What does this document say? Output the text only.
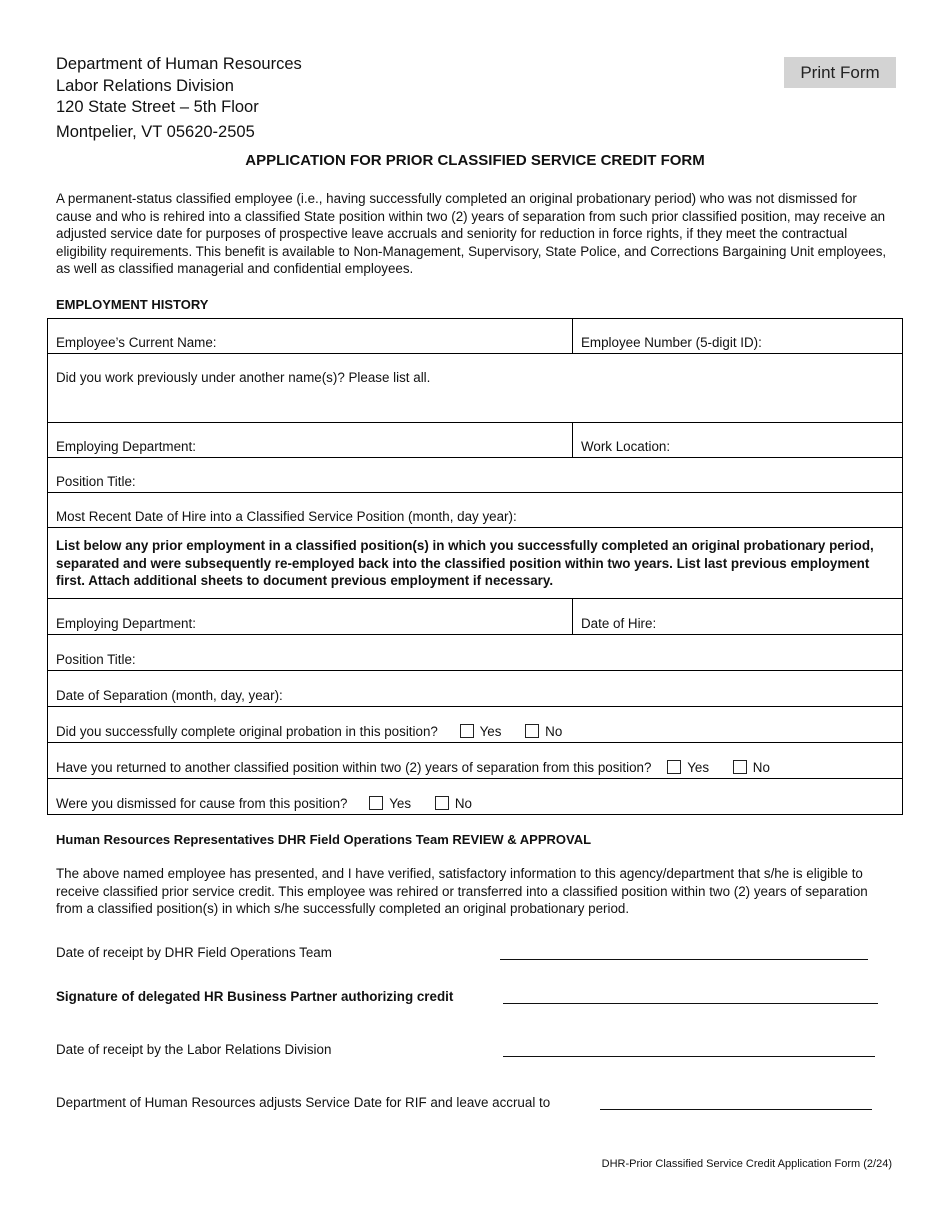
Department of Human Resources
Labor Relations Division
120 State Street – 5th Floor
Montpelier, VT 05620-2505
Print Form
APPLICATION FOR PRIOR CLASSIFIED SERVICE CREDIT FORM
A permanent-status classified employee (i.e., having successfully completed an original probationary period) who was not dismissed for cause and who is rehired into a classified State position within two (2) years of separation from such prior classified position, may receive an adjusted service date for purposes of prospective leave accruals and seniority for reduction in force rights, if they meet the contractual eligibility requirements. This benefit is available to Non-Management, Supervisory, State Police, and Corrections Bargaining Unit employees, as well as classified managerial and confidential employees.
EMPLOYMENT HISTORY
Employee’s Current Name:	Employee Number (5-digit ID):
Did you work previously under another name(s)? Please list all.	
Employing Department:	Work Location:
Position Title:	
Most Recent Date of Hire into a Classified Service Position (month, day year):	
List below any prior employment in a classified position(s) in which you successfully completed an original probationary period, separated and were subsequently re-employed back into the classified position within two years. List last previous employment first. Attach additional sheets to document previous employment if necessary.	
Employing Department:	Date of Hire:
Position Title:	
Date of Separation (month, day, year):	
Did you successfully complete original probation in this position? Yes No	
Have you returned to another classified position within two (2) years of separation from this position? Yes No	
Were you dismissed for cause from this position? Yes No	
Human Resources Representatives DHR Field Operations Team REVIEW & APPROVAL
The above named employee has presented, and I have verified, satisfactory information to this agency/department that s/he is eligible to receive classified prior service credit. This employee was rehired or transferred into a classified position within two (2) years of separation from a classified position(s) in which s/he successfully completed an original probationary period.
Date of receipt by DHR Field Operations Team
Signature of delegated HR Business Partner authorizing credit
Date of receipt by the Labor Relations Division
Department of Human Resources adjusts Service Date for RIF and leave accrual to
DHR-Prior Classified Service Credit Application Form (2/24)
